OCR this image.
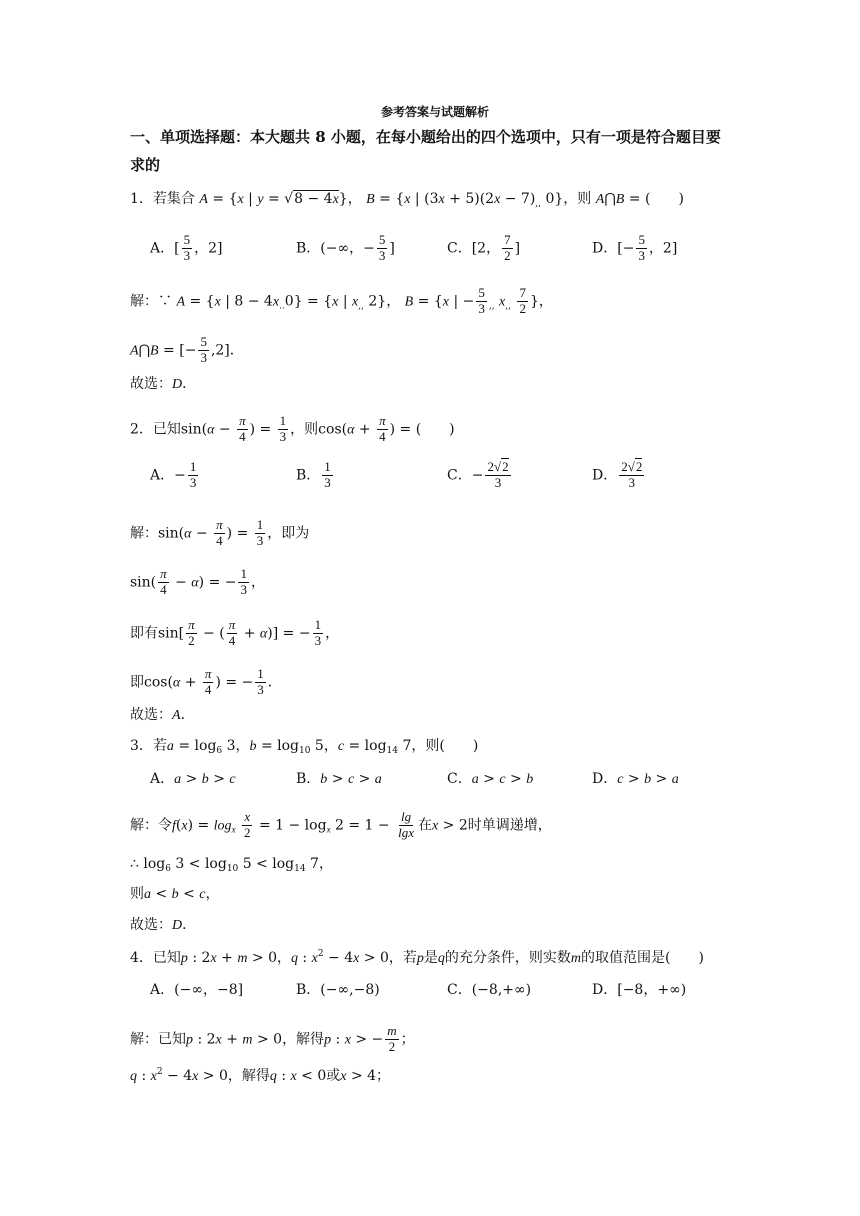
参考答案与试题解析
一、单项选择题：本大题共 8 小题，在每小题给出的四个选项中，只有一项是符合题目要
求的
1．若集合 A = {x | y = √8 − 4x}， B = {x | $(3x + 5)(2x - 7)_{,,}$ 0}，则 A⋂B = (　　)
A．[ $\frac{5}{3}$ ，2]	B．(−∞，− $\frac{5}{3}$ ]	C．[2， $\frac{7}{2}$ ]	D．[− $\frac{5}{3}$ ，2]
解：∵ A = {x | $8 - 4x_{..}0\} = \{x$ | $x_{,,}$ 2}， B = {x | − $\frac{5}{3} _{,,}$ $x_{,,} \frac{7}{2}$ }，
A⋂B = [− $\frac{5}{3} ,2$]．
故选：D．
2．已知$\sin(\alpha - \frac{\pi}{4}$ ) = $\frac{1}{3}$ ，则$\cos(\alpha + \frac{\pi}{4}$ ) = (　　)
A．− $\frac{1}{3}$	B． $\frac{1}{3}$	C．− $\frac{2√2}{3}$	D． $\frac{2√2}{3}$
解：$\sin(\alpha - \frac{\pi}{4}$ ) = $\frac{1}{3}$ ，即为
$\sin( \frac{\pi}{4} - \alpha)$ = − $\frac{1}{3}$ ，
即有$\sin[ \frac{\pi}{2}$ − ( $\frac{\pi}{4} + \alpha$)] = − $\frac{1}{3}$ ，
即$\cos(\alpha + \frac{\pi}{4}$ ) = − $\frac{1}{3}$ ．
故选：A．
3．若$a = \log_6 3$，$b = \log_{10} 5$，$c = \log_{14} 7$，则(　　)
A．a > b > c	B．b > c > a	C．a > c > b	D．c > b > a
解：令$f(x) = \log_x \frac{x}{2} = 1 - \log_x 2 = 1 - \frac{\lg}{\lg x}$ 在x > 2时单调递增，
∴ $\log_6 3 < \log_{10} 5 < \log_{14} 7$，
则a < b < c，
故选：D．
4．已知p : 2x + m > 0，q : $x^2 - 4x > 0$，若p是q的充分条件，则实数m的取值范围是(　　)
A．(−∞，−8]	B．(−∞,−8)	C．(−8,+∞)	D．[−8，+∞)
解：已知p : 2x + m > 0，解得p : x > − $\frac{m}{2}$ ；
q : $x^2 - 4x > 0$，解得q : x < 0或x > 4；
